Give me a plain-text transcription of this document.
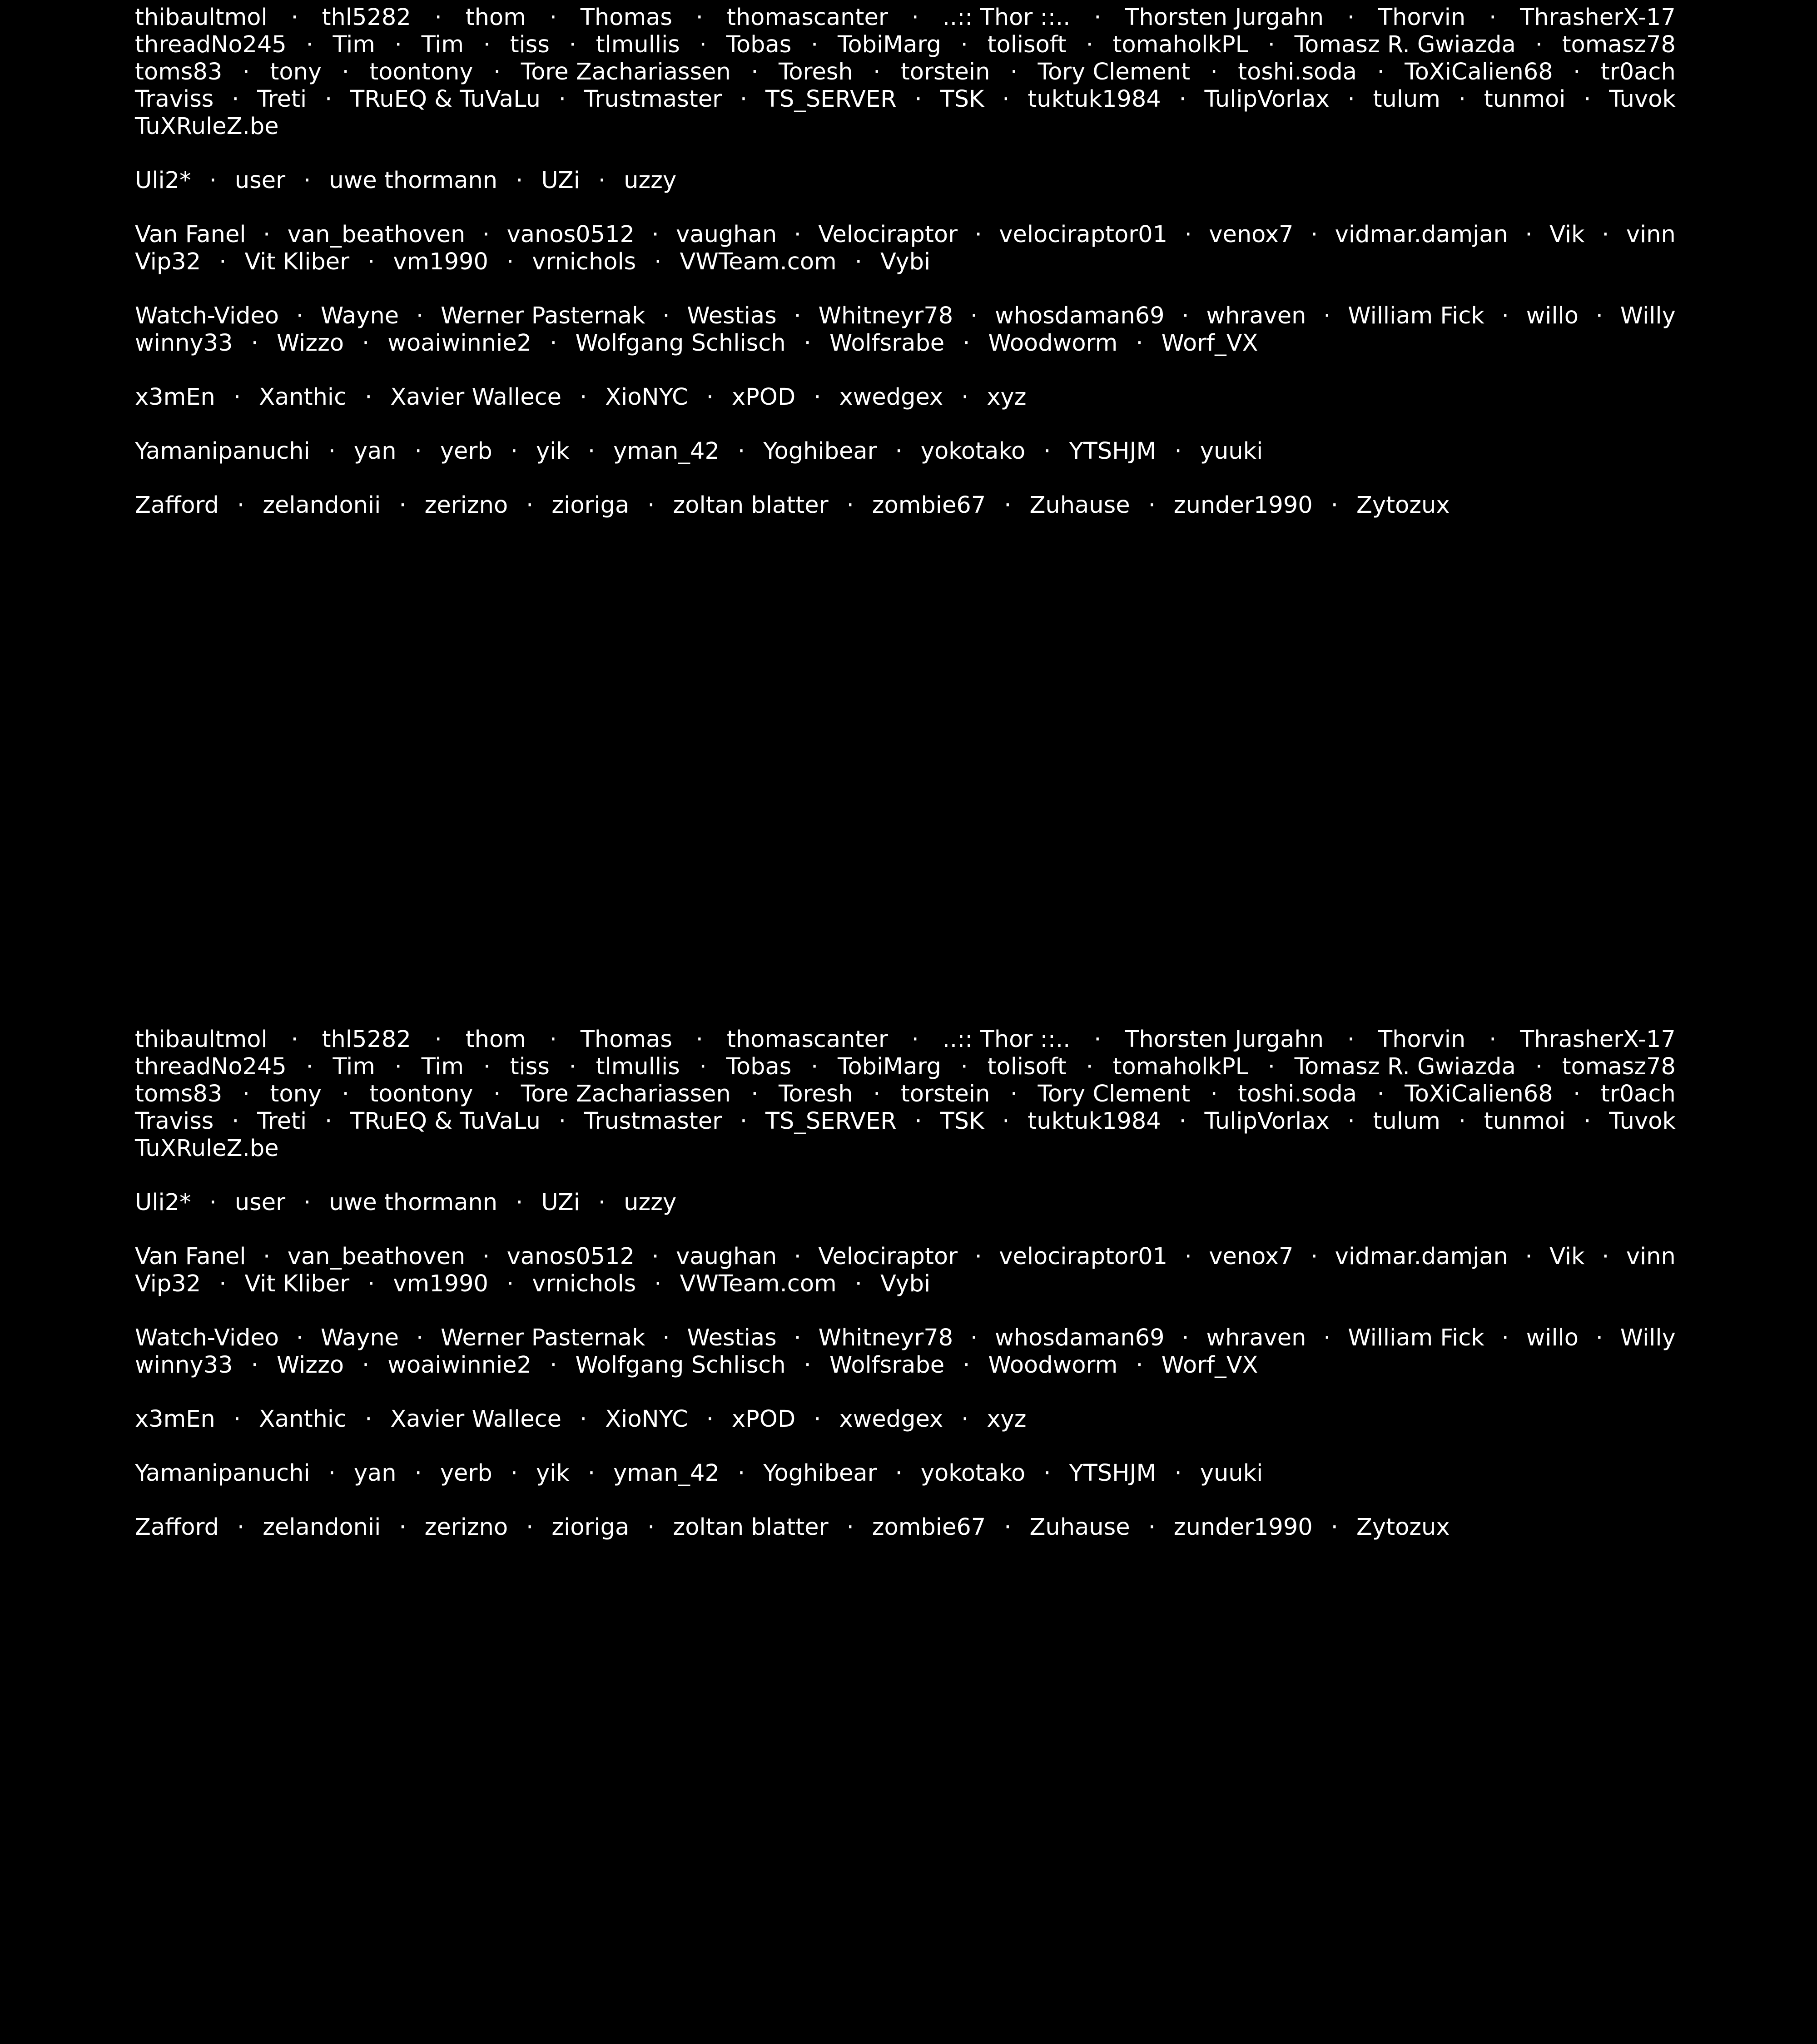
thibaultmol · thl5282 · thom · Thomas · thomascanter · ..:: Thor ::.. · Thorsten Jurgahn · Thorvin · ThrasherX-17
threadNo245 · Tim · Tim · tiss · tlmullis · Tobas · TobiMarg · tolisoft · tomaholkPL · Tomasz R. Gwiazda · tomasz78
toms83 · tony · toontony · Tore Zachariassen · Toresh · torstein · Tory Clement · toshi.soda · ToXiCalien68 · tr0ach
Traviss · Treti · TRuEQ & TuVaLu · Trustmaster · TS_SERVER · TSK · tuktuk1984 · TulipVorlax · tulum · tunmoi · Tuvok
TuXRuleZ.be
Uli2* · user · uwe thormann · UZi · uzzy
Van Fanel · van_beathoven · vanos0512 · vaughan · Velociraptor · velociraptor01 · venox7 · vidmar.damjan · Vik · vinn
Vip32 · Vit Kliber · vm1990 · vrnichols · VWTeam.com · Vybi
Watch-Video · Wayne · Werner Pasternak · Westias · Whitneyr78 · whosdaman69 · whraven · William Fick · willo · Willy
winny33 · Wizzo · woaiwinnie2 · Wolfgang Schlisch · Wolfsrabe · Woodworm · Worf_VX
x3mEn · Xanthic · Xavier Wallece · XioNYC · xPOD · xwedgex · xyz
Yamanipanuchi · yan · yerb · yik · yman_42 · Yoghibear · yokotako · YTSHJM · yuuki
Zafford · zelandonii · zerizno · zioriga · zoltan blatter · zombie67 · Zuhause · zunder1990 · Zytozux
thibaultmol · thl5282 · thom · Thomas · thomascanter · ..:: Thor ::.. · Thorsten Jurgahn · Thorvin · ThrasherX-17
threadNo245 · Tim · Tim · tiss · tlmullis · Tobas · TobiMarg · tolisoft · tomaholkPL · Tomasz R. Gwiazda · tomasz78
toms83 · tony · toontony · Tore Zachariassen · Toresh · torstein · Tory Clement · toshi.soda · ToXiCalien68 · tr0ach
Traviss · Treti · TRuEQ & TuVaLu · Trustmaster · TS_SERVER · TSK · tuktuk1984 · TulipVorlax · tulum · tunmoi · Tuvok
TuXRuleZ.be
Uli2* · user · uwe thormann · UZi · uzzy
Van Fanel · van_beathoven · vanos0512 · vaughan · Velociraptor · velociraptor01 · venox7 · vidmar.damjan · Vik · vinn
Vip32 · Vit Kliber · vm1990 · vrnichols · VWTeam.com · Vybi
Watch-Video · Wayne · Werner Pasternak · Westias · Whitneyr78 · whosdaman69 · whraven · William Fick · willo · Willy
winny33 · Wizzo · woaiwinnie2 · Wolfgang Schlisch · Wolfsrabe · Woodworm · Worf_VX
x3mEn · Xanthic · Xavier Wallece · XioNYC · xPOD · xwedgex · xyz
Yamanipanuchi · yan · yerb · yik · yman_42 · Yoghibear · yokotako · YTSHJM · yuuki
Zafford · zelandonii · zerizno · zioriga · zoltan blatter · zombie67 · Zuhause · zunder1990 · Zytozux
